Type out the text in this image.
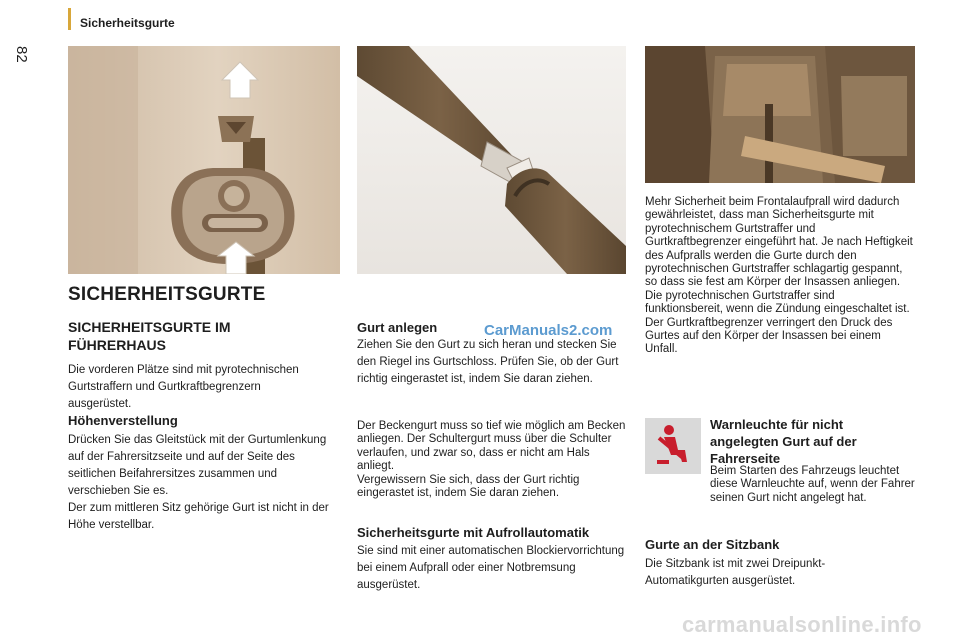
Sicherheitsgurte
82
SICHERHEITSGURTE
SICHERHEITSGURTE IM FÜHRERHAUS

Die vorderen Plätze sind mit pyrotechnischen Gurtstraffern und Gurtkraftbegrenzern ausgerüstet.

Höhenverstellung

Drücken Sie das Gleitstück mit der Gurtumlenkung auf der Fahrersitzseite und auf der Seite des seitlichen Beifahrersitzes zusammen und verschieben Sie es.

Der zum mittleren Sitz gehörige Gurt ist nicht in der Höhe verstellbar.

Gurt anlegen	CarManuals2.com

Ziehen Sie den Gurt zu sich heran und stecken Sie den Riegel ins Gurtschloss. Prüfen Sie, ob der Gurt richtig eingerastet ist, indem Sie daran ziehen.

Der Beckengurt muss so tief wie möglich am Becken anliegen. Der Schultergurt muss über die Schulter verlaufen, und zwar so, dass er nicht am Hals anliegt.

Vergewissern Sie sich, dass der Gurt richtig eingerastet ist, indem Sie daran ziehen.

Sicherheitsgurte mit Aufrollautomatik

Sie sind mit einer automatischen Blockiervorrichtung bei einem Aufprall oder einer Notbremsung ausgerüstet.

Mehr Sicherheit beim Frontalaufprall wird dadurch gewährleistet, dass man Sicherheitsgurte mit pyrotechnischem Gurtstraffer und Gurtkraftbegrenzer eingeführt hat. Je nach Heftigkeit des Aufpralls werden die Gurte durch den pyrotechnischen Gurtstraffer schlagartig gespannt, so dass sie fest am Körper der Insassen anliegen.

Die pyrotechnischen Gurtstraffer sind funktionsbereit, wenn die Zündung eingeschaltet ist.

Der Gurtkraftbegrenzer verringert den Druck des Gurtes auf den Körper der Insassen bei einem Unfall.

Warnleuchte für nicht angelegten Gurt auf der Fahrerseite

Beim Starten des Fahrzeugs leuchtet diese Warnleuchte auf, wenn der Fahrer seinen Gurt nicht angelegt hat.

Gurte an der Sitzbank

Die Sitzbank ist mit zwei Dreipunkt-Automatikgurten ausgerüstet.

carmanualsonline.info
